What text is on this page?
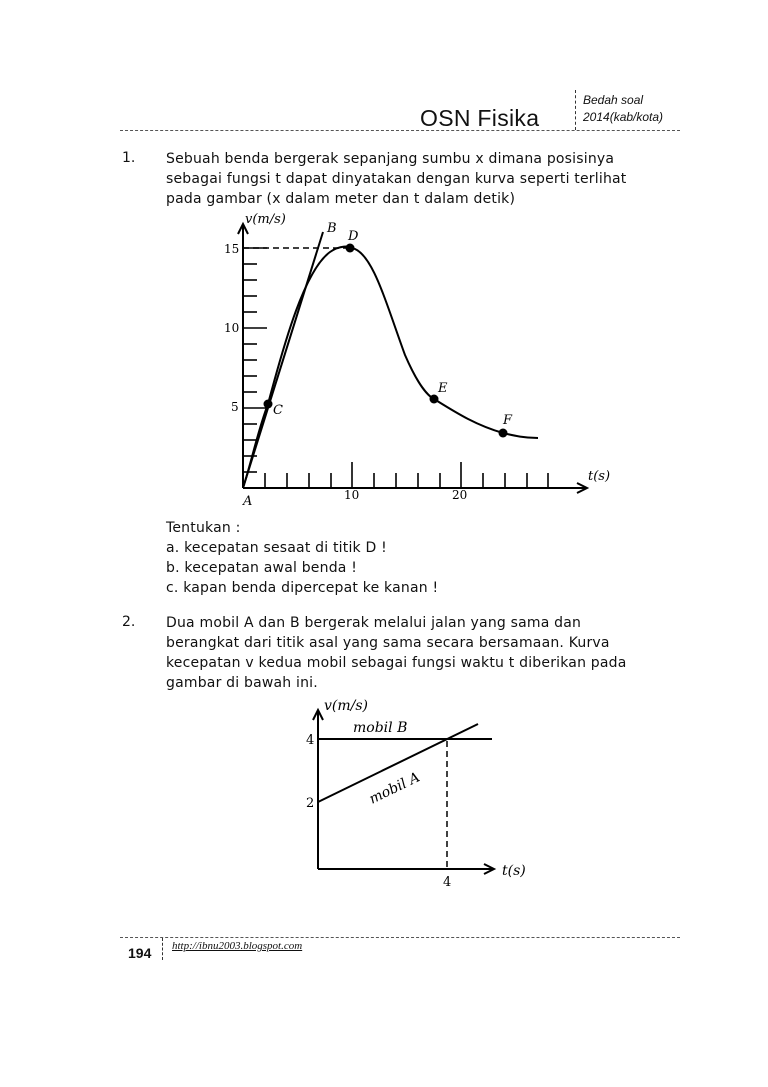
OSN Fisika
Bedah soal
2014(kab/kota)
1. Sebuah benda bergerak sepanjang sumbu x dimana posisinya
sebagai fungsi t dapat dinyatakan dengan kurva seperti terlihat
pada gambar (x dalam meter dan t dalam detik)
v(m/s)
t(s)
15
10
5
10	20
A
B
C
D
E
F
v(m/s)
t(s)
4
2
4
mobil B
mobil A
Tentukan :
a. kecepatan sesaat di titik D !
b. kecepatan awal benda !
c. kapan benda dipercepat ke kanan !
2. Dua mobil A dan B bergerak melalui jalan yang sama dan
berangkat dari titik asal yang sama secara bersamaan. Kurva
kecepatan v kedua mobil sebagai fungsi waktu t diberikan pada
gambar di bawah ini.
194 http://ibnu2003.blogspot.com
